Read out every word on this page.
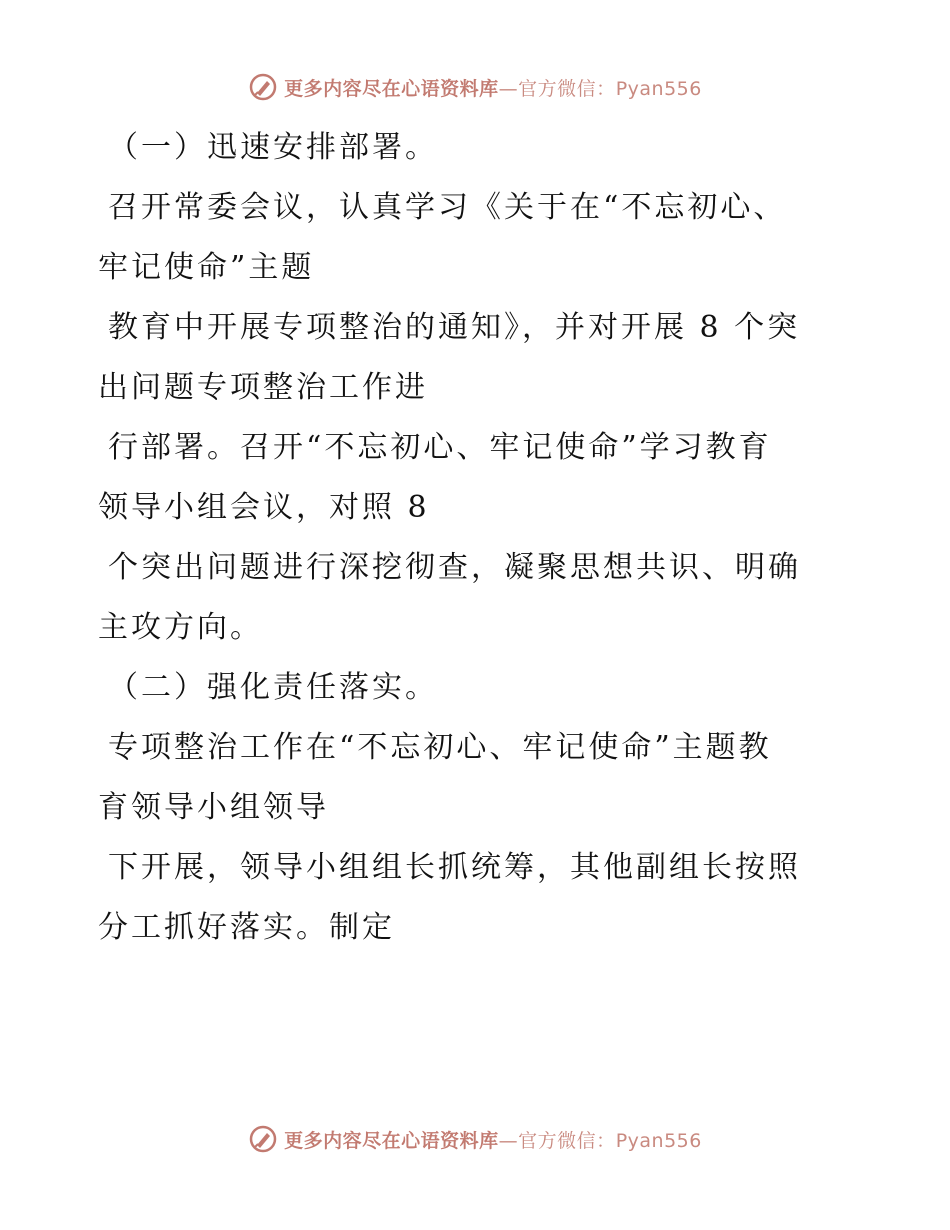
更多内容尽在心语资料库—官方微信：Pyan556

（一）迅速安排部署。

召开常委会议，认真学习《关于在“不忘初心、

牢记使命”主题

教育中开展专项整治的通知》，并对开展 8 个突

出问题专项整治工作进

行部署。召开“不忘初心、牢记使命”学习教育

领导小组会议，对照 8

个突出问题进行深挖彻查，凝聚思想共识、明确

主攻方向。

（二）强化责任落实。

专项整治工作在“不忘初心、牢记使命”主题教

育领导小组领导

下开展，领导小组组长抓统筹，其他副组长按照

分工抓好落实。制定

更多内容尽在心语资料库—官方微信：Pyan556
